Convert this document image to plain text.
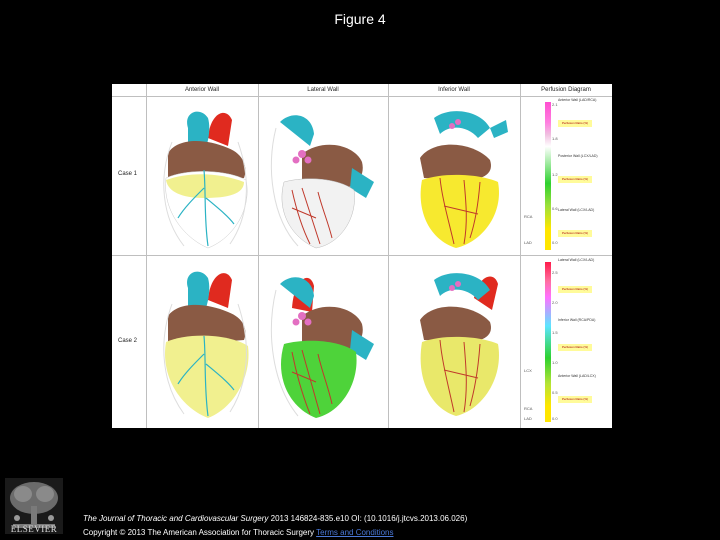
Figure 4
Anterior Wall	Lateral Wall	Inferior Wall	Perfusion Diagram
Case 1
Case 2
2.1
1.8
1.2
0.6
0.0
RCA
LAD
Anterior Wall (LAD/RCA)
Perfusion Ratio (%)
Posterior Wall (LCX/LAD)
Perfusion Ratio (%)
Lateral Wall (LCX/LAD)
Perfusion Ratio (%)
2.5
2.0
1.5
1.0
0.5
0.0
LCX
RCA
LAD
Lateral Wall (LCX/LAD)
Perfusion Ratio (%)
Inferior Wall (RCA/PDA)
Perfusion Ratio (%)
Anterior Wall (LAD/LCX)
Perfusion Ratio (%)
ELSEVIER
The Journal of Thoracic and Cardiovascular Surgery 2013 146824-835.e10 OI: (10.1016/j.jtcvs.2013.06.026)
Copyright © 2013 The American Association for Thoracic Surgery Terms and Conditions
